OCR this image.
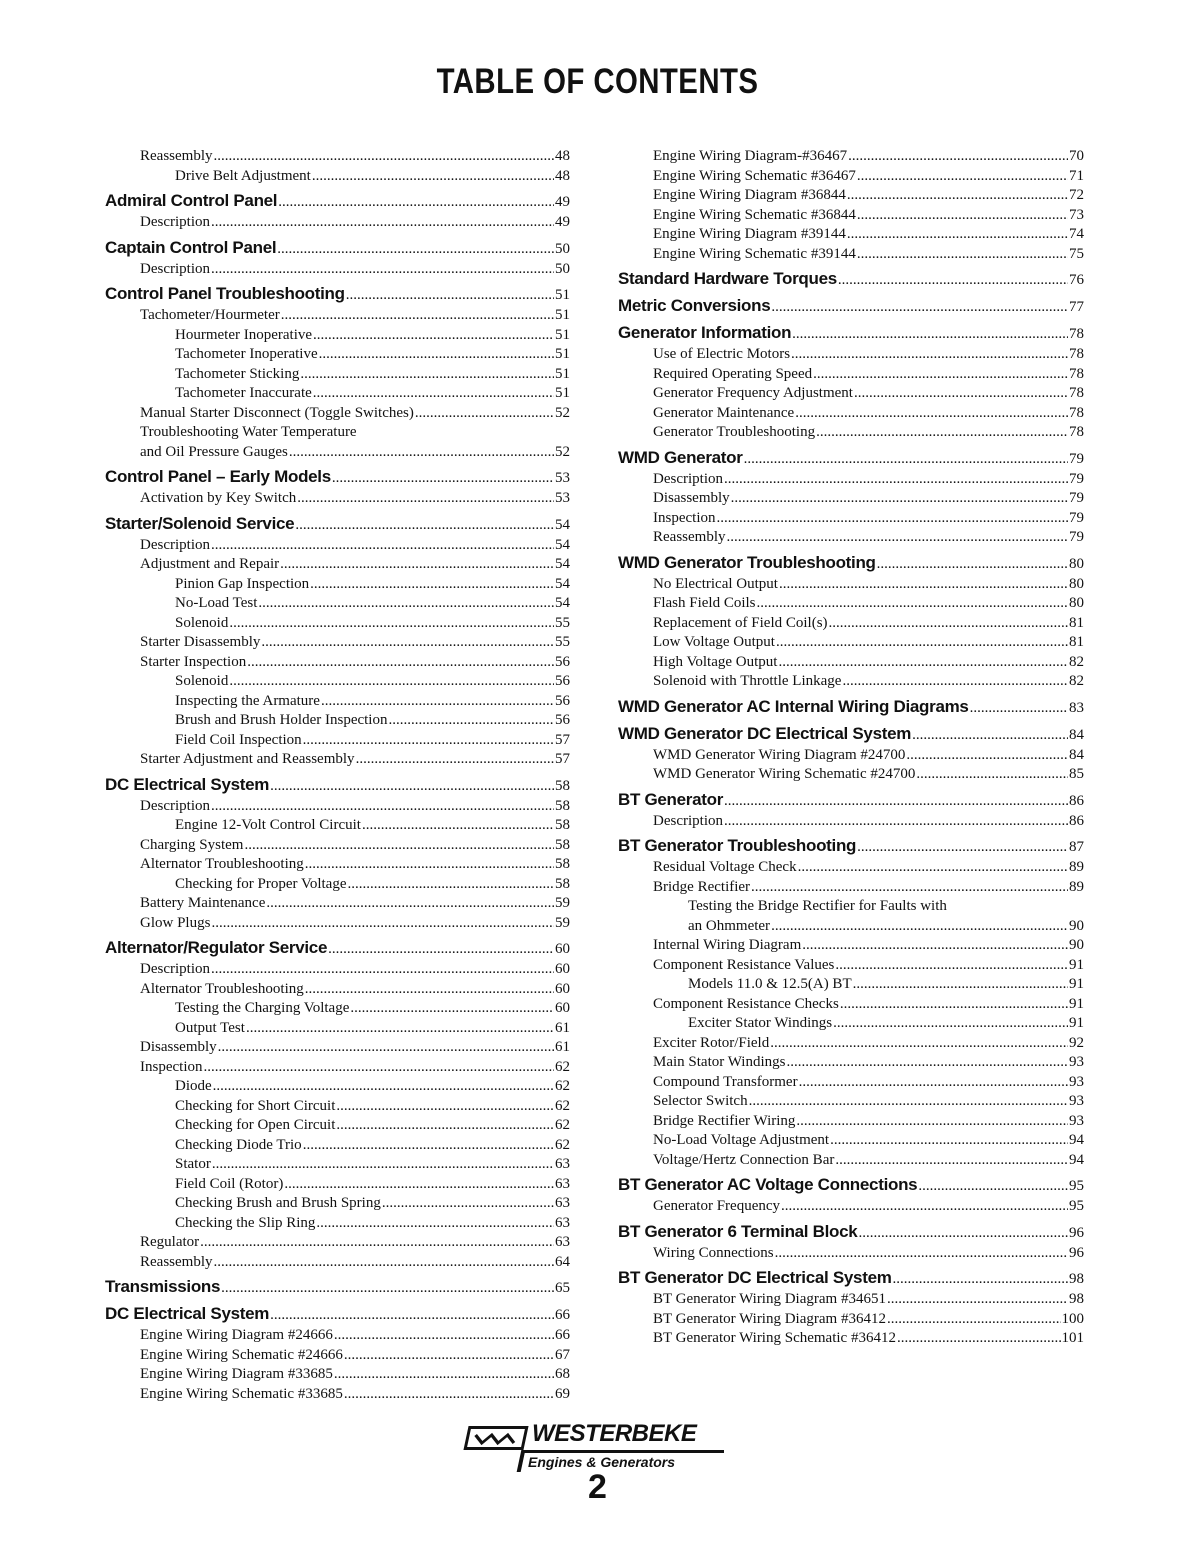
TABLE OF CONTENTS
Reassembly .....	48
Drive Belt Adjustment .....	48
Admiral Control Panel .....	49
Description .....	49
Captain Control Panel .....	50
Description .....	50
Control Panel Troubleshooting .....	51
Tachometer/Hourmeter .....	51
Hourmeter Inoperative .....	51
Tachometer Inoperative .....	51
Tachometer Sticking .....	51
Tachometer Inaccurate .....	51
Manual Starter Disconnect (Toggle Switches) .....	52
Troubleshooting Water Temperature
and Oil Pressure Gauges .....	52
Control Panel – Early Models .....	53
Activation by Key Switch .....	53
Starter/Solenoid Service .....	54
Description .....	54
Adjustment and Repair .....	54
Pinion Gap Inspection .....	54
No-Load Test .....	54
Solenoid .....	55
Starter Disassembly .....	55
Starter Inspection .....	56
Solenoid .....	56
Inspecting the Armature .....	56
Brush and Brush Holder Inspection .....	56
Field Coil Inspection .....	57
Starter Adjustment and Reassembly .....	57
DC Electrical System .....	58
Description .....	58
Engine 12-Volt Control Circuit .....	58
Charging System .....	58
Alternator Troubleshooting .....	58
Checking for Proper Voltage .....	58
Battery Maintenance .....	59
Glow Plugs .....	59
Alternator/Regulator Service .....	60
Description .....	60
Alternator Troubleshooting .....	60
Testing the Charging Voltage .....	60
Output Test .....	61
Disassembly .....	61
Inspection .....	62
Diode .....	62
Checking for Short Circuit .....	62
Checking for Open Circuit .....	62
Checking Diode Trio .....	62
Stator .....	63
Field Coil (Rotor) .....	63
Checking Brush and Brush Spring .....	63
Checking the Slip Ring .....	63
Regulator .....	63
Reassembly .....	64
Transmissions .....	65
DC Electrical System .....	66
Engine Wiring Diagram #24666 .....	66
Engine Wiring Schematic #24666 .....	67
Engine Wiring Diagram #33685 .....	68
Engine Wiring Schematic #33685 .....	69
Engine Wiring Diagram-#36467 .....	70
Engine Wiring Schematic #36467 .....	71
Engine Wiring Diagram #36844 .....	72
Engine Wiring Schematic #36844 .....	73
Engine Wiring Diagram #39144 .....	74
Engine Wiring Schematic #39144 .....	75
Standard Hardware Torques .....	76
Metric Conversions .....	77
Generator Information .....	78
Use of Electric Motors .....	78
Required Operating Speed .....	78
Generator Frequency Adjustment .....	78
Generator Maintenance .....	78
Generator Troubleshooting .....	78
WMD Generator .....	79
Description .....	79
Disassembly .....	79
Inspection .....	79
Reassembly .....	79
WMD Generator Troubleshooting .....	80
No Electrical Output .....	80
Flash Field Coils .....	80
Replacement of Field Coil(s) .....	81
Low Voltage Output .....	81
High Voltage Output .....	82
Solenoid with Throttle Linkage .....	82
WMD Generator AC Internal Wiring Diagrams .....	83
WMD Generator DC Electrical System .....	84
WMD Generator Wiring Diagram #24700 .....	84
WMD Generator Wiring Schematic #24700 .....	85
BT Generator .....	86
Description .....	86
BT Generator Troubleshooting .....	87
Residual Voltage Check .....	89
Bridge Rectifier .....	89
Testing the Bridge Rectifier for Faults with
an Ohmmeter .....	90
Internal Wiring Diagram .....	90
Component Resistance Values .....	91
Models 11.0 & 12.5(A) BT .....	91
Component Resistance Checks .....	91
Exciter Stator Windings .....	91
Exciter Rotor/Field .....	92
Main Stator Windings .....	93
Compound Transformer .....	93
Selector Switch .....	93
Bridge Rectifier Wiring .....	93
No-Load Voltage Adjustment .....	94
Voltage/Hertz Connection Bar .....	94
BT Generator AC Voltage Connections .....	95
Generator Frequency .....	95
BT Generator 6 Terminal Block .....	96
Wiring Connections .....	96
BT Generator DC Electrical System .....	98
BT Generator Wiring Diagram #34651 .....	98
BT Generator Wiring Diagram #36412 .....	100
BT Generator Wiring Schematic #36412 .....	101
WESTERBEKE
Engines & Generators
2
